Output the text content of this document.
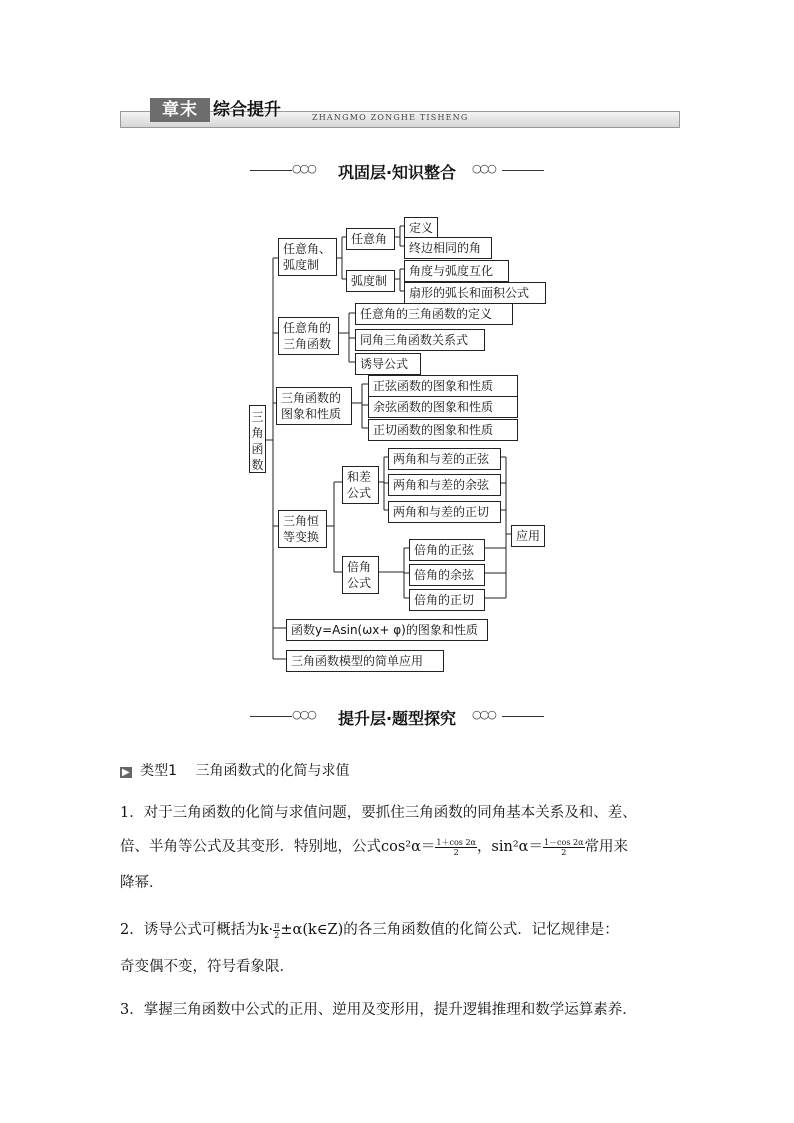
章末 综合提升	ZHANGMO ZONGHE TISHENG
○○○	巩固层·知识整合	○○○
三角函数
任意角、弧度制
任意角
定义
终边相同的角
弧度制
角度与弧度互化
扇形的弧长和面积公式
任意角的三角函数
任意角的三角函数的定义
同角三角函数关系式
诱导公式
三角函数的图象和性质
正弦函数的图象和性质
余弦函数的图象和性质
正切函数的图象和性质
三角恒等变换
和差公式
两角和与差的正弦
两角和与差的余弦
两角和与差的正切
倍角公式
倍角的正弦
倍角的余弦
倍角的正切
应用
函数y=Asin(ωx+ φ)的图象和性质
三角函数模型的简单应用
○○○	提升层·题型探究	○○○
▶ 类型1 三角函数式的化简与求值
1．对于三角函数的化简与求值问题，要抓住三角函数的同角基本关系及和、差、
倍、半角等公式及其变形．特别地，公式$\cos^2\alpha= \frac{1+\cos 2\alpha}{2}$，$\sin^2\alpha= \frac{1-\cos 2\alpha}{2}$常用来
降幂．
2．诱导公式可概括为$k\cdot \frac{\pi}{2}\pm\alpha(k\in Z)$的各三角函数值的化简公式．记忆规律是：
奇变偶不变，符号看象限．
3．掌握三角函数中公式的正用、逆用及变形用，提升逻辑推理和数学运算素养．
